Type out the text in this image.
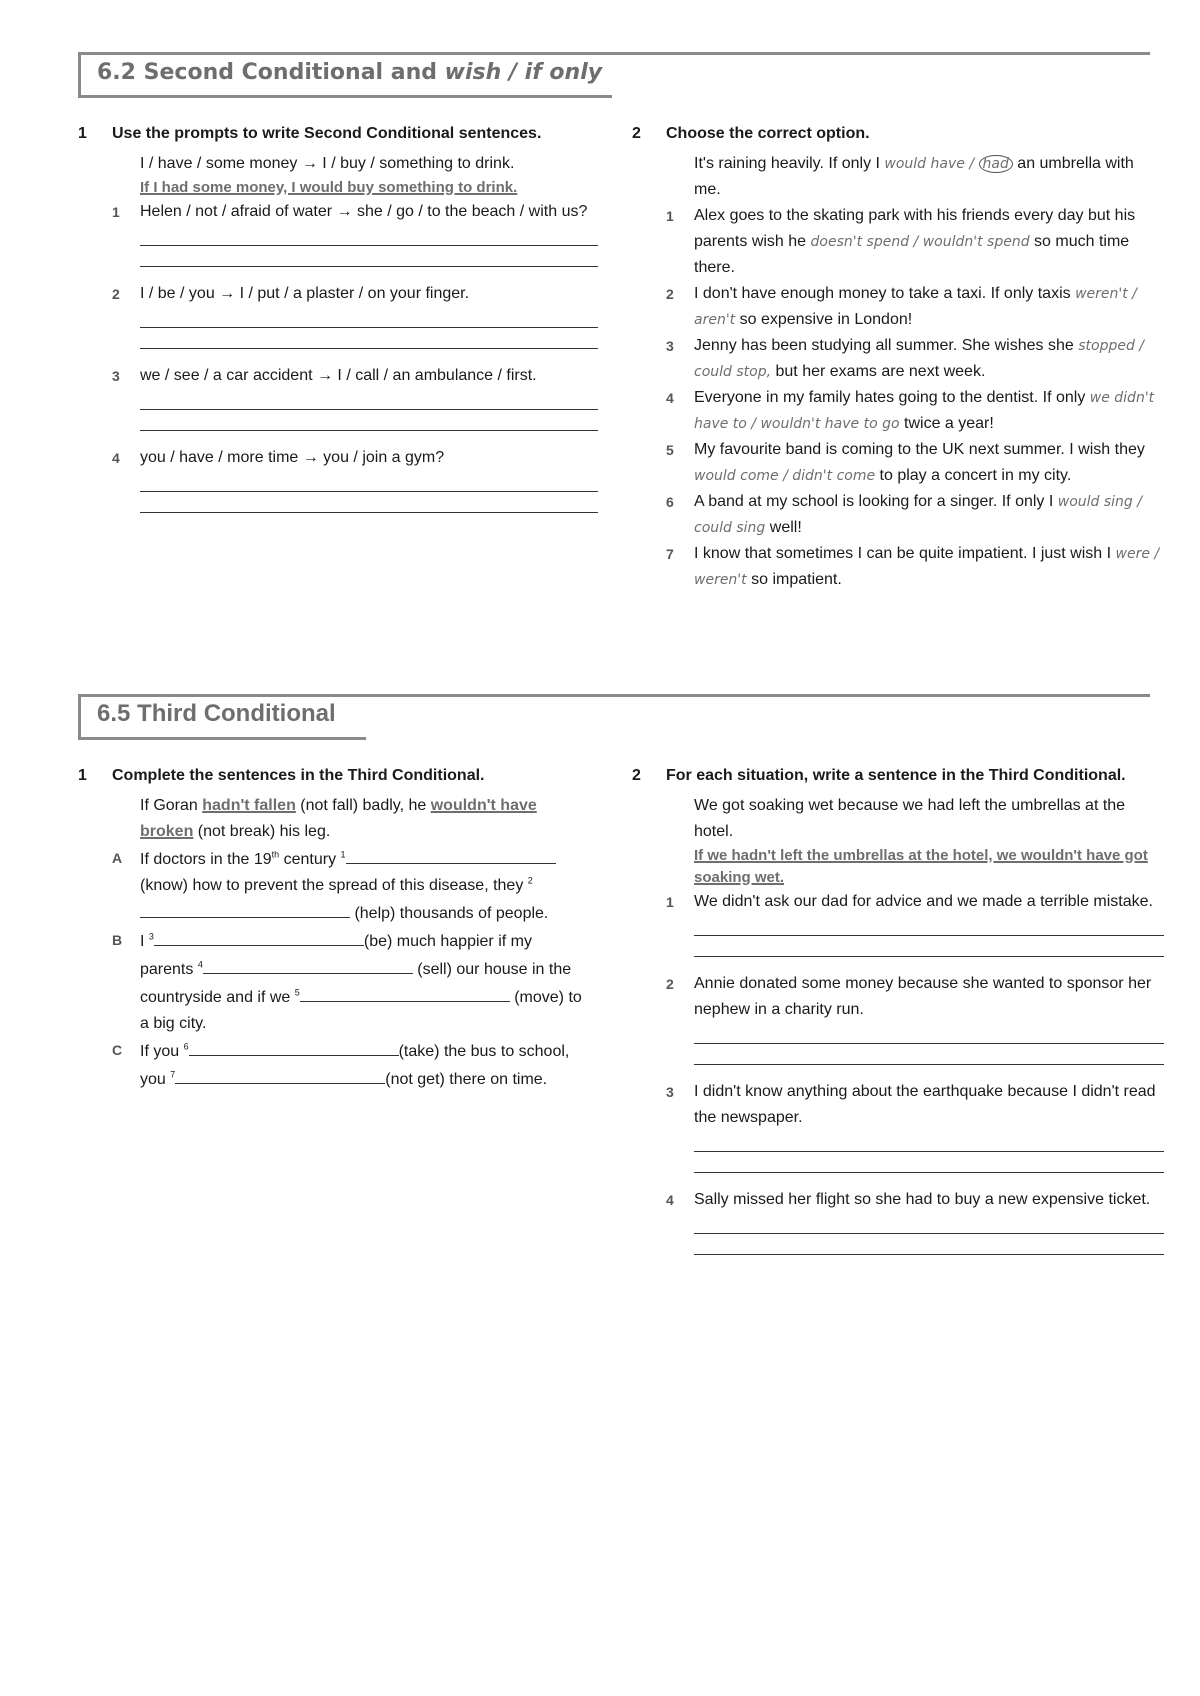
6.2 Second Conditional and wish / if only
1 Use the prompts to write Second Conditional sentences.
I / have / some money → I / buy / something to drink.
If I had some money, I would buy something to drink.
1 Helen / not / afraid of water → she / go / to the beach / with us?
2 I / be / you → I / put / a plaster / on your finger.
3 we / see / a car accident → I / call / an ambulance / first.
4 you / have / more time → you / join a gym?
2 Choose the correct option.
It's raining heavily. If only I would have / had an umbrella with me.
1 Alex goes to the skating park with his friends every day but his parents wish he doesn't spend / wouldn't spend so much time there.
2 I don't have enough money to take a taxi. If only taxis weren't / aren't so expensive in London!
3 Jenny has been studying all summer. She wishes she stopped / could stop, but her exams are next week.
4 Everyone in my family hates going to the dentist. If only we didn't have to / wouldn't have to go twice a year!
5 My favourite band is coming to the UK next summer. I wish they would come / didn't come to play a concert in my city.
6 A band at my school is looking for a singer. If only I would sing / could sing well!
7 I know that sometimes I can be quite impatient. I just wish I were / weren't so impatient.
6.5 Third Conditional
1 Complete the sentences in the Third Conditional.
If Goran hadn't fallen (not fall) badly, he wouldn't have broken (not break) his leg.
A If doctors in the 19th century $^1$ (know) how to prevent the spread of this disease, they $^2$ (help) thousands of people.
B I $^3$	(be) much happier if my parents $^4$	(sell) our house in the countryside and if we $^5$	(move) to a big city.
C If you $^6$	(take) the bus to school, you $^7$	(not get) there on time.
2 For each situation, write a sentence in the Third Conditional.
We got soaking wet because we had left the umbrellas at the hotel.
If we hadn't left the umbrellas at the hotel, we wouldn't have got soaking wet.
1 We didn't ask our dad for advice and we made a terrible mistake.
2 Annie donated some money because she wanted to sponsor her nephew in a charity run.
3 I didn't know anything about the earthquake because I didn't read the newspaper.
4 Sally missed her flight so she had to buy a new expensive ticket.
